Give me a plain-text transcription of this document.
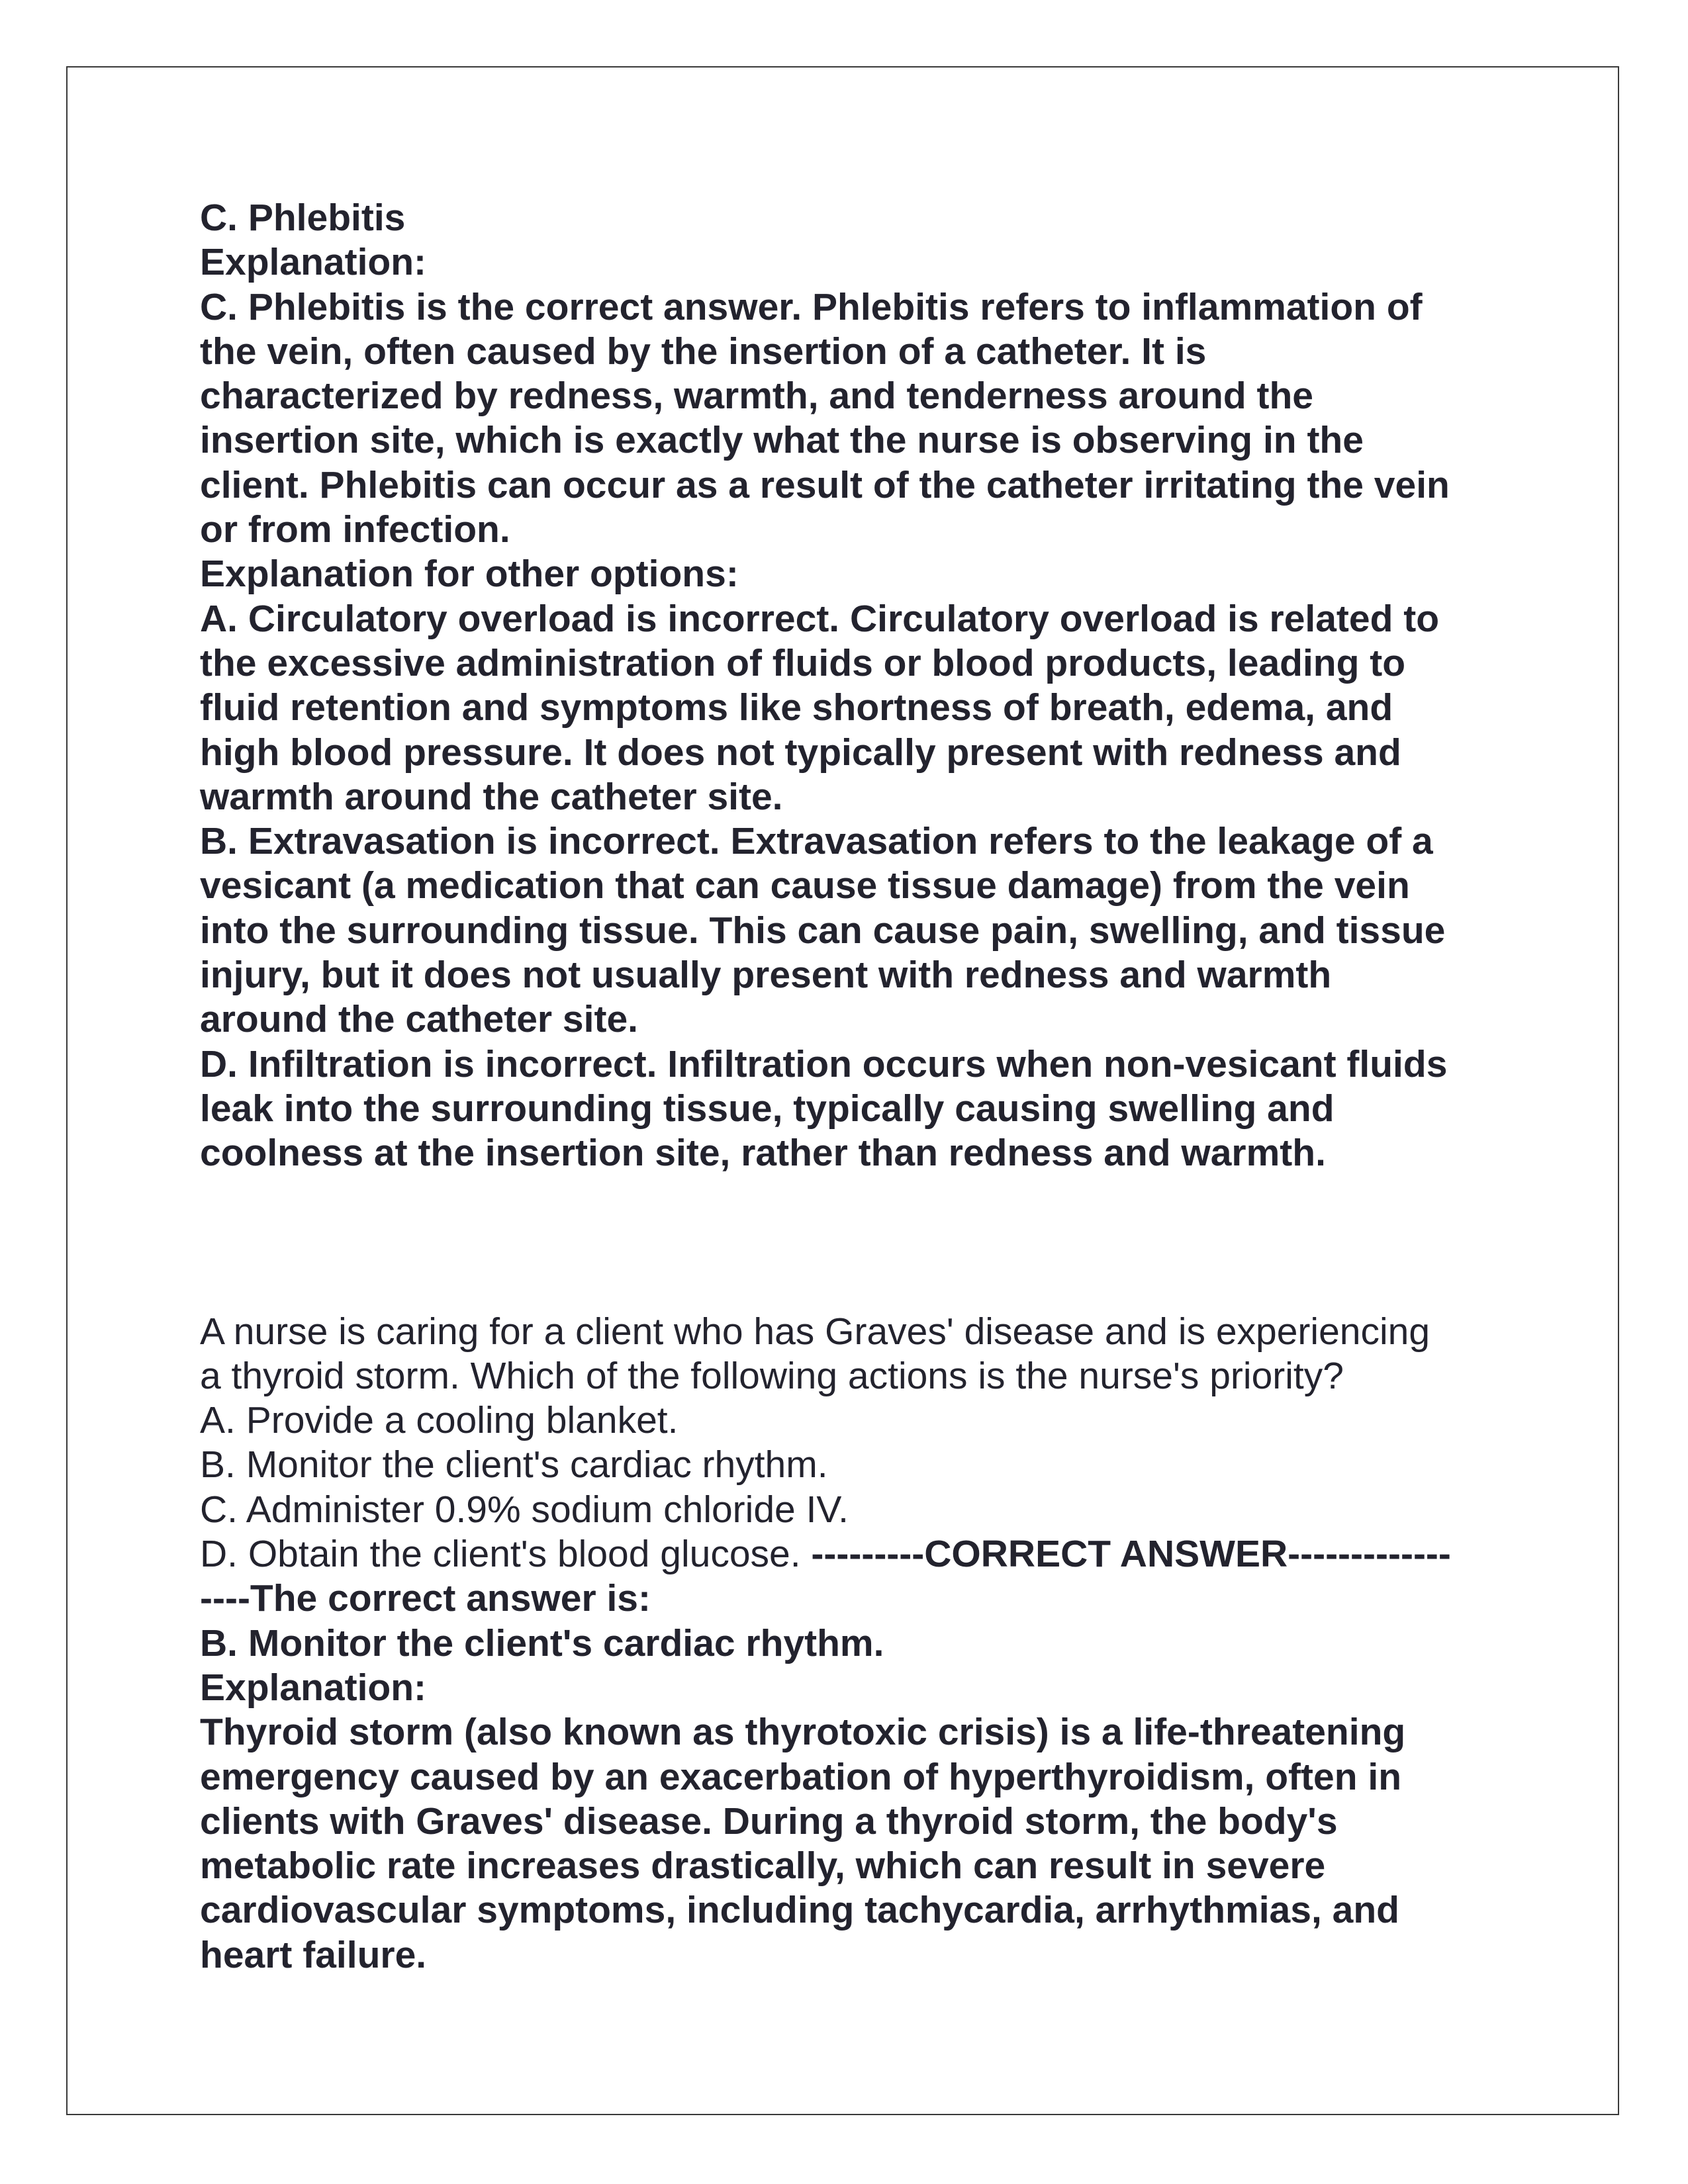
C. Phlebitis
Explanation:
C. Phlebitis is the correct answer. Phlebitis refers to inflammation of
the vein, often caused by the insertion of a catheter. It is
characterized by redness, warmth, and tenderness around the
insertion site, which is exactly what the nurse is observing in the
client. Phlebitis can occur as a result of the catheter irritating the vein
or from infection.
Explanation for other options:
A. Circulatory overload is incorrect. Circulatory overload is related to
the excessive administration of fluids or blood products, leading to
fluid retention and symptoms like shortness of breath, edema, and
high blood pressure. It does not typically present with redness and
warmth around the catheter site.
B. Extravasation is incorrect. Extravasation refers to the leakage of a
vesicant (a medication that can cause tissue damage) from the vein
into the surrounding tissue. This can cause pain, swelling, and tissue
injury, but it does not usually present with redness and warmth
around the catheter site.
D. Infiltration is incorrect. Infiltration occurs when non-vesicant fluids
leak into the surrounding tissue, typically causing swelling and
coolness at the insertion site, rather than redness and warmth.
A nurse is caring for a client who has Graves' disease and is experiencing
a thyroid storm. Which of the following actions is the nurse's priority?
A. Provide a cooling blanket.
B. Monitor the client's cardiac rhythm.
C. Administer 0.9% sodium chloride IV.
D. Obtain the client's blood glucose. ---------CORRECT ANSWER-------------
----The correct answer is:
B. Monitor the client's cardiac rhythm.
Explanation:
Thyroid storm (also known as thyrotoxic crisis) is a life-threatening
emergency caused by an exacerbation of hyperthyroidism, often in
clients with Graves' disease. During a thyroid storm, the body's
metabolic rate increases drastically, which can result in severe
cardiovascular symptoms, including tachycardia, arrhythmias, and
heart failure.
